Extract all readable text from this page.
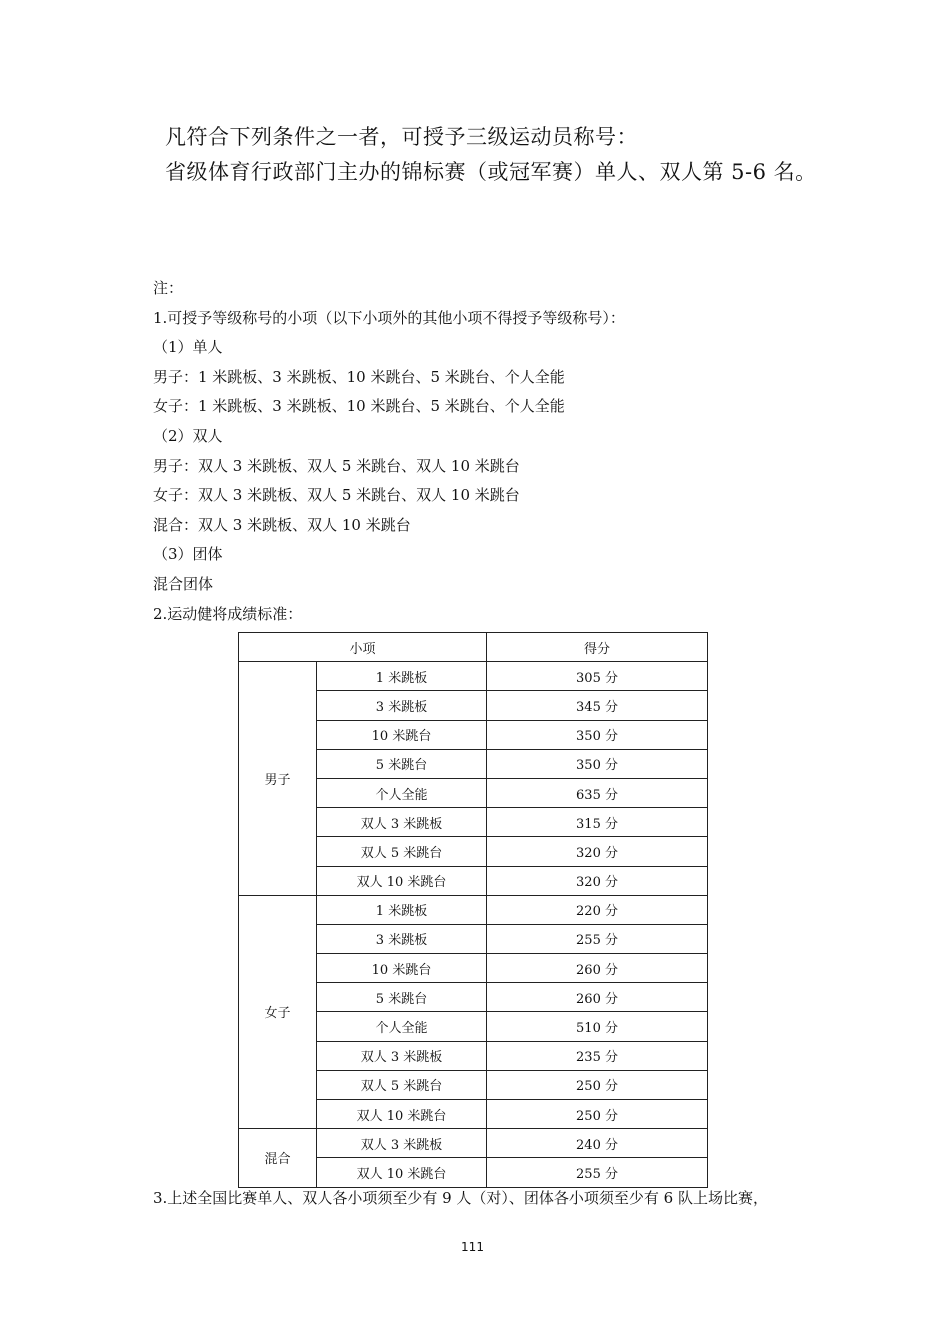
凡符合下列条件之一者，可授予三级运动员称号：

省级体育行政部门主办的锦标赛（或冠军赛）单人、双人第 5-6 名。

注：

1.可授予等级称号的小项（以下小项外的其他小项不得授予等级称号）：

（1）单人

男子：1 米跳板、3 米跳板、10 米跳台、5 米跳台、个人全能

女子：1 米跳板、3 米跳板、10 米跳台、5 米跳台、个人全能

（2）双人

男子：双人 3 米跳板、双人 5 米跳台、双人 10 米跳台

女子：双人 3 米跳板、双人 5 米跳台、双人 10 米跳台

混合：双人 3 米跳板、双人 10 米跳台

（3）团体

混合团体

2.运动健将成绩标准：

小项		得分
男子	1 米跳板	305 分
	3 米跳板	345 分
	10 米跳台	350 分
	5 米跳台	350 分
	个人全能	635 分
	双人 3 米跳板	315 分
	双人 5 米跳台	320 分
	双人 10 米跳台	320 分
女子	1 米跳板	220 分
	3 米跳板	255 分
	10 米跳台	260 分
	5 米跳台	260 分
	个人全能	510 分
	双人 3 米跳板	235 分
	双人 5 米跳台	250 分
	双人 10 米跳台	250 分
混合	双人 3 米跳板	240 分
	双人 10 米跳台	255 分

3.上述全国比赛单人、双人各小项须至少有 9 人（对）、团体各小项须至少有 6 队上场比赛，

111
